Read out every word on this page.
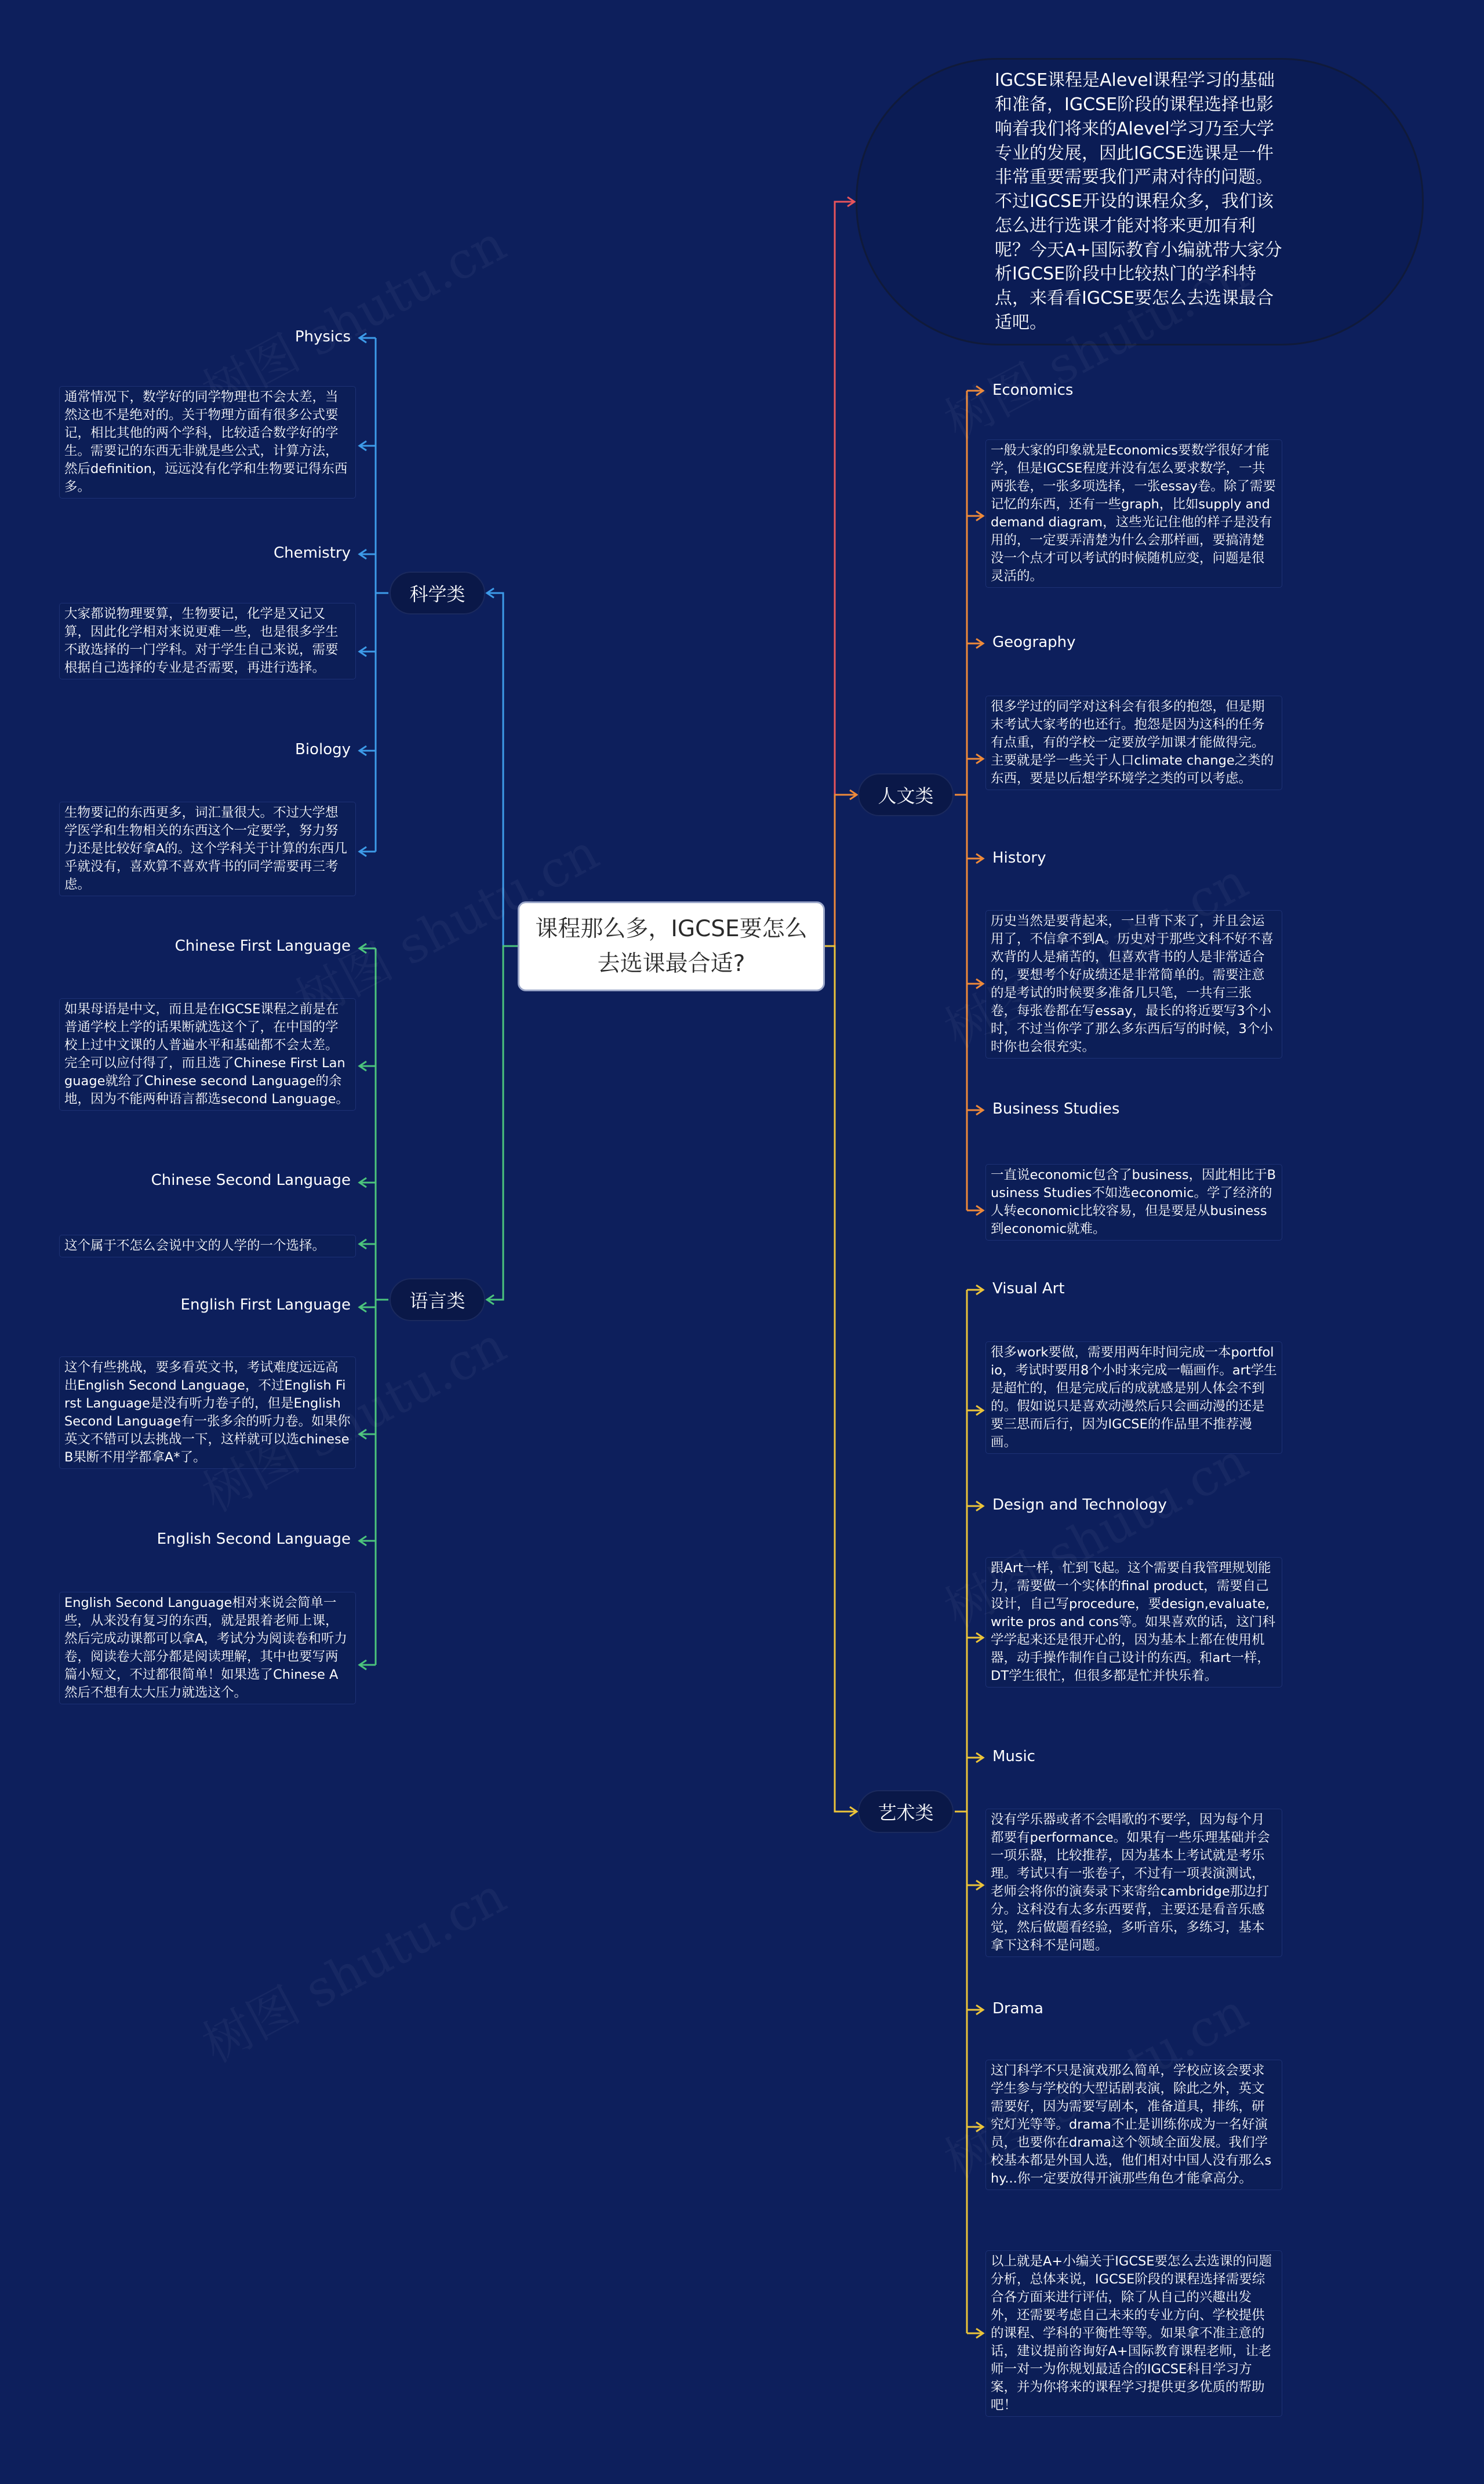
课程那么多，IGCSE要怎么去选课最合适?
IGCSE课程是Alevel课程学习的基础和准备，IGCSE阶段的课程选择也影响着我们将来的Alevel学习乃至大学专业的发展，因此IGCSE选课是一件非常重要需要我们严肃对待的问题。不过IGCSE开设的课程众多，我们该怎么进行选课才能对将来更加有利呢？今天A+国际教育小编就带大家分析IGCSE阶段中比较热门的学科特点，来看看IGCSE要怎么去选课最合适吧。
科学类
语言类
人文类
艺术类
Physics
通常情况下，数学好的同学物理也不会太差，当然这也不是绝对的。关于物理方面有很多公式要记，相比其他的两个学科，比较适合数学好的学生。需要记的东西无非就是些公式，计算方法，然后definition，远远没有化学和生物要记得东西多。
Chemistry
大家都说物理要算，生物要记，化学是又记又算，因此化学相对来说更难一些，也是很多学生不敢选择的一门学科。对于学生自己来说，需要根据自己选择的专业是否需要，再进行选择。
Biology
生物要记的东西更多，词汇量很大。不过大学想学医学和生物相关的东西这个一定要学，努力努力还是比较好拿A的。这个学科关于计算的东西几乎就没有，喜欢算不喜欢背书的同学需要再三考虑。
Chinese First Language
如果母语是中文，而且是在IGCSE课程之前是在普通学校上学的话果断就选这个了，在中国的学校上过中文课的人普遍水平和基础都不会太差。完全可以应付得了，而且选了Chinese First Language就给了Chinese second Language的余地，因为不能两种语言都选second Language。
Chinese Second Language
这个属于不怎么会说中文的人学的一个选择。
English First Language
这个有些挑战，要多看英文书，考试难度远远高出English Second Language，不过English First Language是没有听力卷子的，但是English Second Language有一张多余的听力卷。如果你英文不错可以去挑战一下，这样就可以选chinese B果断不用学都拿A*了。
English Second Language
English Second Language相对来说会简单一些，从来没有复习的东西，就是跟着老师上课，然后完成动课都可以拿A，考试分为阅读卷和听力卷，阅读卷大部分都是阅读理解，其中也要写两篇小短文，不过都很简单！如果选了Chinese A然后不想有太大压力就选这个。
Economics
一般大家的印象就是Economics要数学很好才能学，但是IGCSE程度并没有怎么要求数学，一共两张卷，一张多项选择，一张essay卷。除了需要记忆的东西，还有一些graph，比如supply and demand diagram，这些光记住他的样子是没有用的，一定要弄清楚为什么会那样画，要搞清楚没一个点才可以考试的时候随机应变，问题是很灵活的。
Geography
很多学过的同学对这科会有很多的抱怨，但是期末考试大家考的也还行。抱怨是因为这科的任务有点重，有的学校一定要放学加课才能做得完。主要就是学一些关于人口climate change之类的东西，要是以后想学环境学之类的可以考虑。
History
历史当然是要背起来，一旦背下来了，并且会运用了，不信拿不到A。历史对于那些文科不好不喜欢背的人是痛苦的，但喜欢背书的人是非常适合的，要想考个好成绩还是非常简单的。需要注意的是考试的时候要多准备几只笔，一共有三张卷，每张卷都在写essay，最长的将近要写3个小时，不过当你学了那么多东西后写的时候，3个小时你也会很充实。
Business Studies
一直说economic包含了business，因此相比于Business Studies不如选economic。学了经济的人转economic比较容易，但是要是从business到economic就难。
Visual Art
很多work要做，需要用两年时间完成一本portfolio，考试时要用8个小时来完成一幅画作。art学生是超忙的，但是完成后的成就感是别人体会不到的。假如说只是喜欢动漫然后只会画动漫的还是要三思而后行，因为IGCSE的作品里不推荐漫画。
Design and Technology
跟Art一样，忙到飞起。这个需要自我管理规划能力，需要做一个实体的final product，需要自己设计，自己写procedure，要design,evaluate,write pros and cons等。如果喜欢的话，这门科学学起来还是很开心的，因为基本上都在使用机器，动手操作制作自己设计的东西。和art一样，DT学生很忙，但很多都是忙并快乐着。
Music
没有学乐器或者不会唱歌的不要学，因为每个月都要有performance。如果有一些乐理基础并会一项乐器，比较推荐，因为基本上考试就是考乐理。考试只有一张卷子，不过有一项表演测试，老师会将你的演奏录下来寄给cambridge那边打分。这科没有太多东西要背，主要还是看音乐感觉，然后做题看经验，多听音乐，多练习，基本拿下这科不是问题。
Drama
这门科学不只是演戏那么简单，学校应该会要求学生参与学校的大型话剧表演，除此之外，英文需要好，因为需要写剧本，准备道具，排练，研究灯光等等。drama不止是训练你成为一名好演员，也要你在drama这个领域全面发展。我们学校基本都是外国人选，他们相对中国人没有那么shy...你一定要放得开演那些角色才能拿高分。
以上就是A+小编关于IGCSE要怎么去选课的问题分析，总体来说，IGCSE阶段的课程选择需要综合各方面来进行评估，除了从自己的兴趣出发外，还需要考虑自己未来的专业方向、学校提供的课程、学科的平衡性等等。如果拿不准主意的话，建议提前咨询好A+国际教育课程老师，让老师一对一为你规划最适合的IGCSE科目学习方案，并为你将来的课程学习提供更多优质的帮助吧！
